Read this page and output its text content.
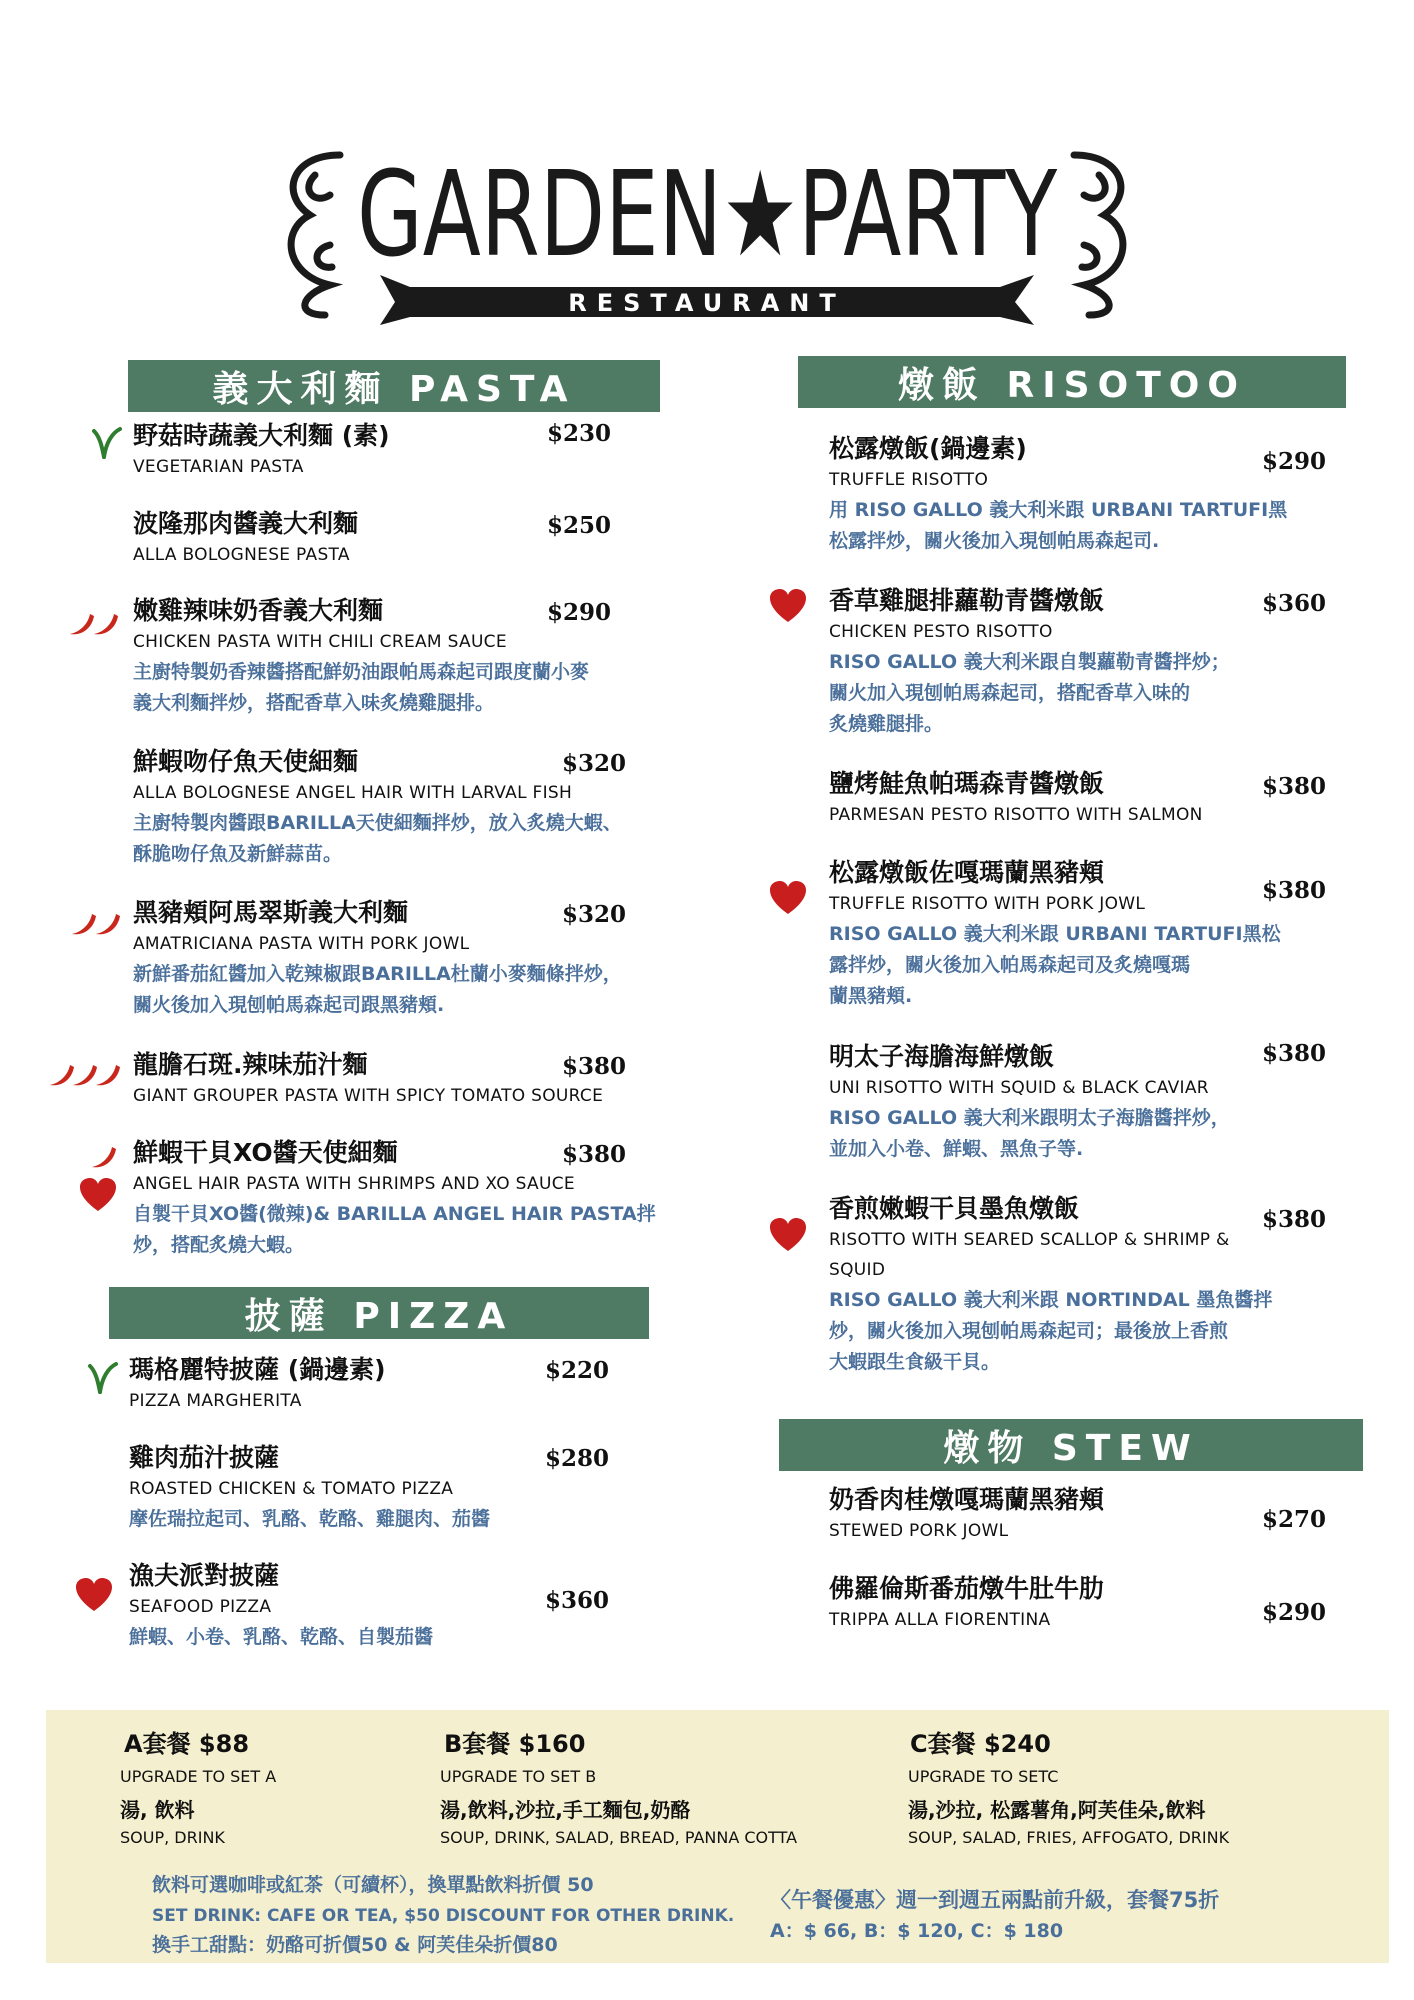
GARDEN★PARTY
RESTAURANT
義大利麵 PASTA
披薩 PIZZA
燉飯 RISOTOO
燉物 STEW
野菇時蔬義大利麵 (素)
VEGETARIAN PASTA
$230
波隆那肉醬義大利麵
ALLA BOLOGNESE PASTA
$250
嫩雞辣味奶香義大利麵
CHICKEN PASTA WITH CHILI CREAM SAUCE
主廚特製奶香辣醬搭配鮮奶油跟帕馬森起司跟度蘭小麥
義大利麵拌炒，搭配香草入味炙燒雞腿排。
$290
鮮蝦吻仔魚天使細麵
ALLA BOLOGNESE ANGEL HAIR WITH LARVAL FISH
主廚特製肉醬跟BARILLA天使細麵拌炒，放入炙燒大蝦、
酥脆吻仔魚及新鮮蒜苗。
$320
黑豬頬阿馬翠斯義大利麵
AMATRICIANA PASTA WITH PORK JOWL
新鮮番茄紅醬加入乾辣椒跟BARILLA杜蘭小麥麵條拌炒，
關火後加入現刨帕馬森起司跟黑豬頬.
$320
龍膽石斑.辣味茄汁麵
GIANT GROUPER PASTA WITH SPICY TOMATO SOURCE
$380
鮮蝦干貝XO醬天使細麵
ANGEL HAIR PASTA WITH SHRIMPS AND XO SAUCE
自製干貝XO醬(微辣)& BARILLA ANGEL HAIR PASTA拌
炒，搭配炙燒大蝦。
$380
瑪格麗特披薩 (鍋邊素)
PIZZA MARGHERITA
$220
雞肉茄汁披薩
ROASTED CHICKEN & TOMATO PIZZA
摩佐瑞拉起司、乳酪、乾酪、雞腿肉、茄醬
$280
漁夫派對披薩
SEAFOOD PIZZA
鮮蝦、小卷、乳酪、乾酪、自製茄醬
$360
松露燉飯(鍋邊素)
TRUFFLE RISOTTO
用 RISO GALLO 義大利米跟 URBANI TARTUFI黑
松露拌炒，關火後加入現刨帕馬森起司.
$290
香草雞腿排蘿勒青醬燉飯
CHICKEN PESTO RISOTTO
RISO GALLO 義大利米跟自製蘿勒青醬拌炒；
關火加入現刨帕馬森起司，搭配香草入味的
炙燒雞腿排。
$360
鹽烤鮭魚帕瑪森青醬燉飯
PARMESAN PESTO RISOTTO WITH SALMON
$380
松露燉飯佐嘎瑪蘭黑豬頬
TRUFFLE RISOTTO WITH PORK JOWL
RISO GALLO 義大利米跟 URBANI TARTUFI黑松
露拌炒，關火後加入帕馬森起司及炙燒嘎瑪
蘭黑豬頬.
$380
明太子海膽海鮮燉飯
UNI RISOTTO WITH SQUID & BLACK CAVIAR
RISO GALLO 義大利米跟明太子海膽醬拌炒，
並加入小卷、鮮蝦、黑魚子等.
$380
香煎嫩蝦干貝墨魚燉飯
RISOTTO WITH SEARED SCALLOP & SHRIMP &
SQUID
RISO GALLO 義大利米跟 NORTINDAL 墨魚醬拌
炒，關火後加入現刨帕馬森起司；最後放上香煎
大蝦跟生食級干貝。
$380
奶香肉桂燉嘎瑪蘭黑豬頬
STEWED PORK JOWL	$270
佛羅倫斯番茄燉牛肚牛肋
TRIPPA ALLA FIORENTINA	$290
A套餐 $88
UPGRADE TO SET A
湯, 飲料
SOUP, DRINK
B套餐 $160
UPGRADE TO SET B
湯,飲料,沙拉,手工麵包,奶酪
SOUP, DRINK, SALAD, BREAD, PANNA COTTA
C套餐 $240
UPGRADE TO SETC
湯,沙拉, 松露薯角,阿芙佳朵,飲料
SOUP, SALAD, FRIES, AFFOGATO, DRINK
飲料可選咖啡或紅茶（可續杯），換單點飲料折價 50
SET DRINK: CAFE OR TEA, $50 DISCOUNT FOR OTHER DRINK.
換手工甜點：奶酪可折價50 & 阿芙佳朵折價80
〈午餐優惠〉週一到週五兩點前升級，套餐75折
A：$ 66, B：$ 120, C：$ 180
